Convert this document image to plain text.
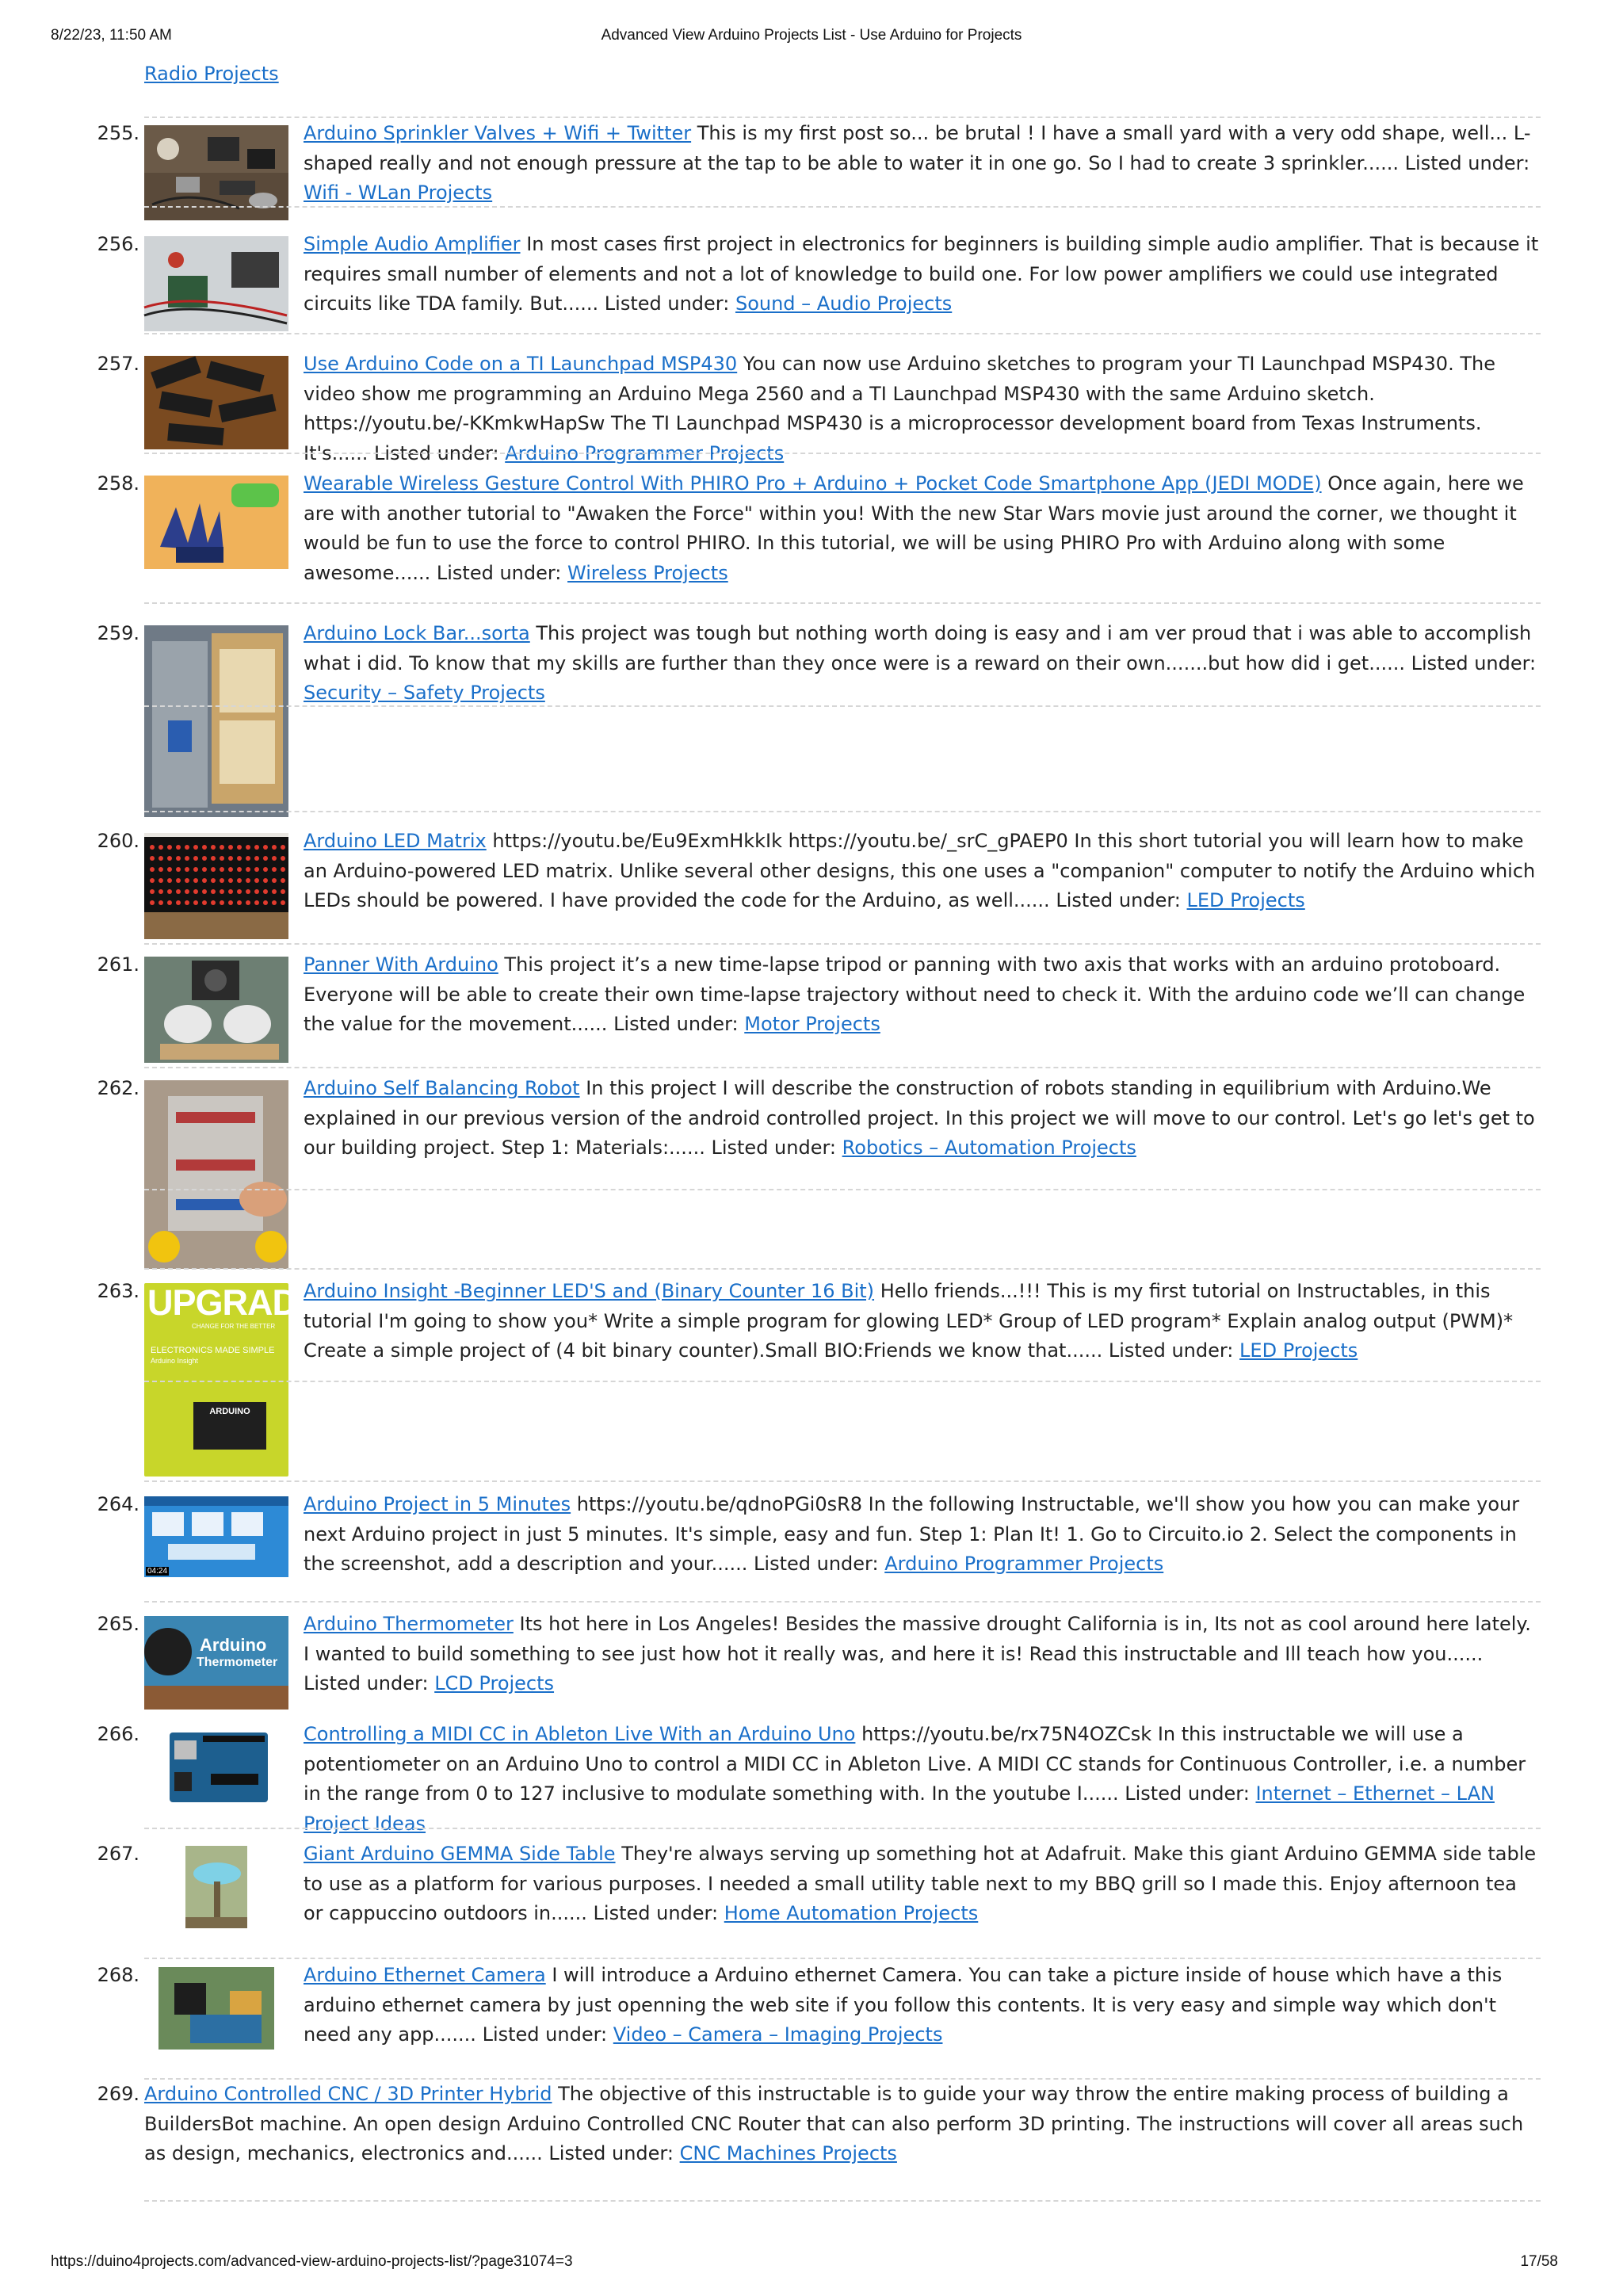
8/22/23, 11:50 AM	Advanced View Arduino Projects List - Use Arduino for Projects
Radio Projects
255.	Arduino Sprinkler Valves + Wifi + Twitter This is my first post so... be brutal ! I have a small yard with a very odd shape, well... L-shaped really and not enough pressure at the tap to be able to water it in one go. So I had to create 3 sprinkler...... Listed under: Wifi - WLan Projects
256.	Simple Audio Amplifier In most cases first project in electronics for beginners is building simple audio amplifier. That is because it requires small number of elements and not a lot of knowledge to build one. For low power amplifiers we could use integrated circuits like TDA family. But...... Listed under: Sound – Audio Projects
257.	Use Arduino Code on a TI Launchpad MSP430 You can now use Arduino sketches to program your TI Launchpad MSP430. The video show me programming an Arduino Mega 2560 and a TI Launchpad MSP430 with the same Arduino sketch. https://youtu.be/-KKmkwHapSw The TI Launchpad MSP430 is a microprocessor development board from Texas Instruments. It's...... Listed under: Arduino Programmer Projects
258.	Wearable Wireless Gesture Control With PHIRO Pro + Arduino + Pocket Code Smartphone App (JEDI MODE) Once again, here we are with another tutorial to "Awaken the Force" within you! With the new Star Wars movie just around the corner, we thought it would be fun to use the force to control PHIRO. In this tutorial, we will be using PHIRO Pro with Arduino along with some awesome...... Listed under: Wireless Projects
259.	Arduino Lock Bar...sorta This project was tough but nothing worth doing is easy and i am ver proud that i was able to accomplish what i did. To know that my skills are further than they once were is a reward on their own.......but how did i get...... Listed under: Security – Safety Projects
260.	Arduino LED Matrix https://youtu.be/Eu9ExmHkkIk https://youtu.be/_srC_gPAEP0 In this short tutorial you will learn how to make an Arduino-powered LED matrix. Unlike several other designs, this one uses a "companion" computer to notify the Arduino which LEDs should be powered. I have provided the code for the Arduino, as well...... Listed under: LED Projects
261.	Panner With Arduino This project it’s a new time-lapse tripod or panning with two axis that works with an arduino protoboard. Everyone will be able to create their own time-lapse trajectory without need to check it. With the arduino code we’ll can change the value for the movement...... Listed under: Motor Projects
262.	Arduino Self Balancing Robot In this project I will describe the construction of robots standing in equilibrium with Arduino.We explained in our previous version of the android controlled project. In this project we will move to our control. Let's go let's get to our building project. Step 1: Materials:...... Listed under: Robotics – Automation Projects
263. UPGRADE
CHANGE FOR THE BETTER
ELECTRONICS MADE SIMPLE
Arduino Insight
ARDUINO
Arduino Insight -Beginner LED'S and (Binary Counter 16 Bit) Hello friends...!!! This is my first tutorial on Instructables, in this tutorial I'm going to show you* Write a simple program for glowing LED* Group of LED program* Explain analog output (PWM)* Create a simple project of (4 bit binary counter).Small BIO:Friends we know that...... Listed under: LED Projects
264.
04:24
Arduino Project in 5 Minutes https://youtu.be/qdnoPGi0sR8 In the following Instructable, we'll show you how you can make your next Arduino project in just 5 minutes. It's simple, easy and fun. Step 1: Plan It! 1. Go to Circuito.io 2. Select the components in the screenshot, add a description and your...... Listed under: Arduino Programmer Projects
265.
Arduino
Thermometer
Arduino Thermometer Its hot here in Los Angeles! Besides the massive drought California is in, Its not as cool around here lately. I wanted to build something to see just how hot it really was, and here it is! Read this instructable and Ill teach how you...... Listed under: LCD Projects
266.	Controlling a MIDI CC in Ableton Live With an Arduino Uno https://youtu.be/rx75N4OZCsk In this instructable we will use a potentiometer on an Arduino Uno to control a MIDI CC in Ableton Live. A MIDI CC stands for Continuous Controller, i.e. a number in the range from 0 to 127 inclusive to modulate something with. In the youtube I...... Listed under: Internet – Ethernet – LAN Project Ideas
267.	Giant Arduino GEMMA Side Table They're always serving up something hot at Adafruit. Make this giant Arduino GEMMA side table to use as a platform for various purposes. I needed a small utility table next to my BBQ grill so I made this. Enjoy afternoon tea or cappuccino outdoors in...... Listed under: Home Automation Projects
268.	Arduino Ethernet Camera I will introduce a Arduino ethernet Camera. You can take a picture inside of house which have a this arduino ethernet camera by just openning the web site if you follow this contents. It is very easy and simple way which don't need any app....... Listed under: Video – Camera – Imaging Projects
269. Arduino Controlled CNC / 3D Printer Hybrid The objective of this instructable is to guide your way throw the entire making process of building a BuildersBot machine. An open design Arduino Controlled CNC Router that can also perform 3D printing. The instructions will cover all areas such as design, mechanics, electronics and...... Listed under: CNC Machines Projects
https://duino4projects.com/advanced-view-arduino-projects-list/?page31074=3	17/58
